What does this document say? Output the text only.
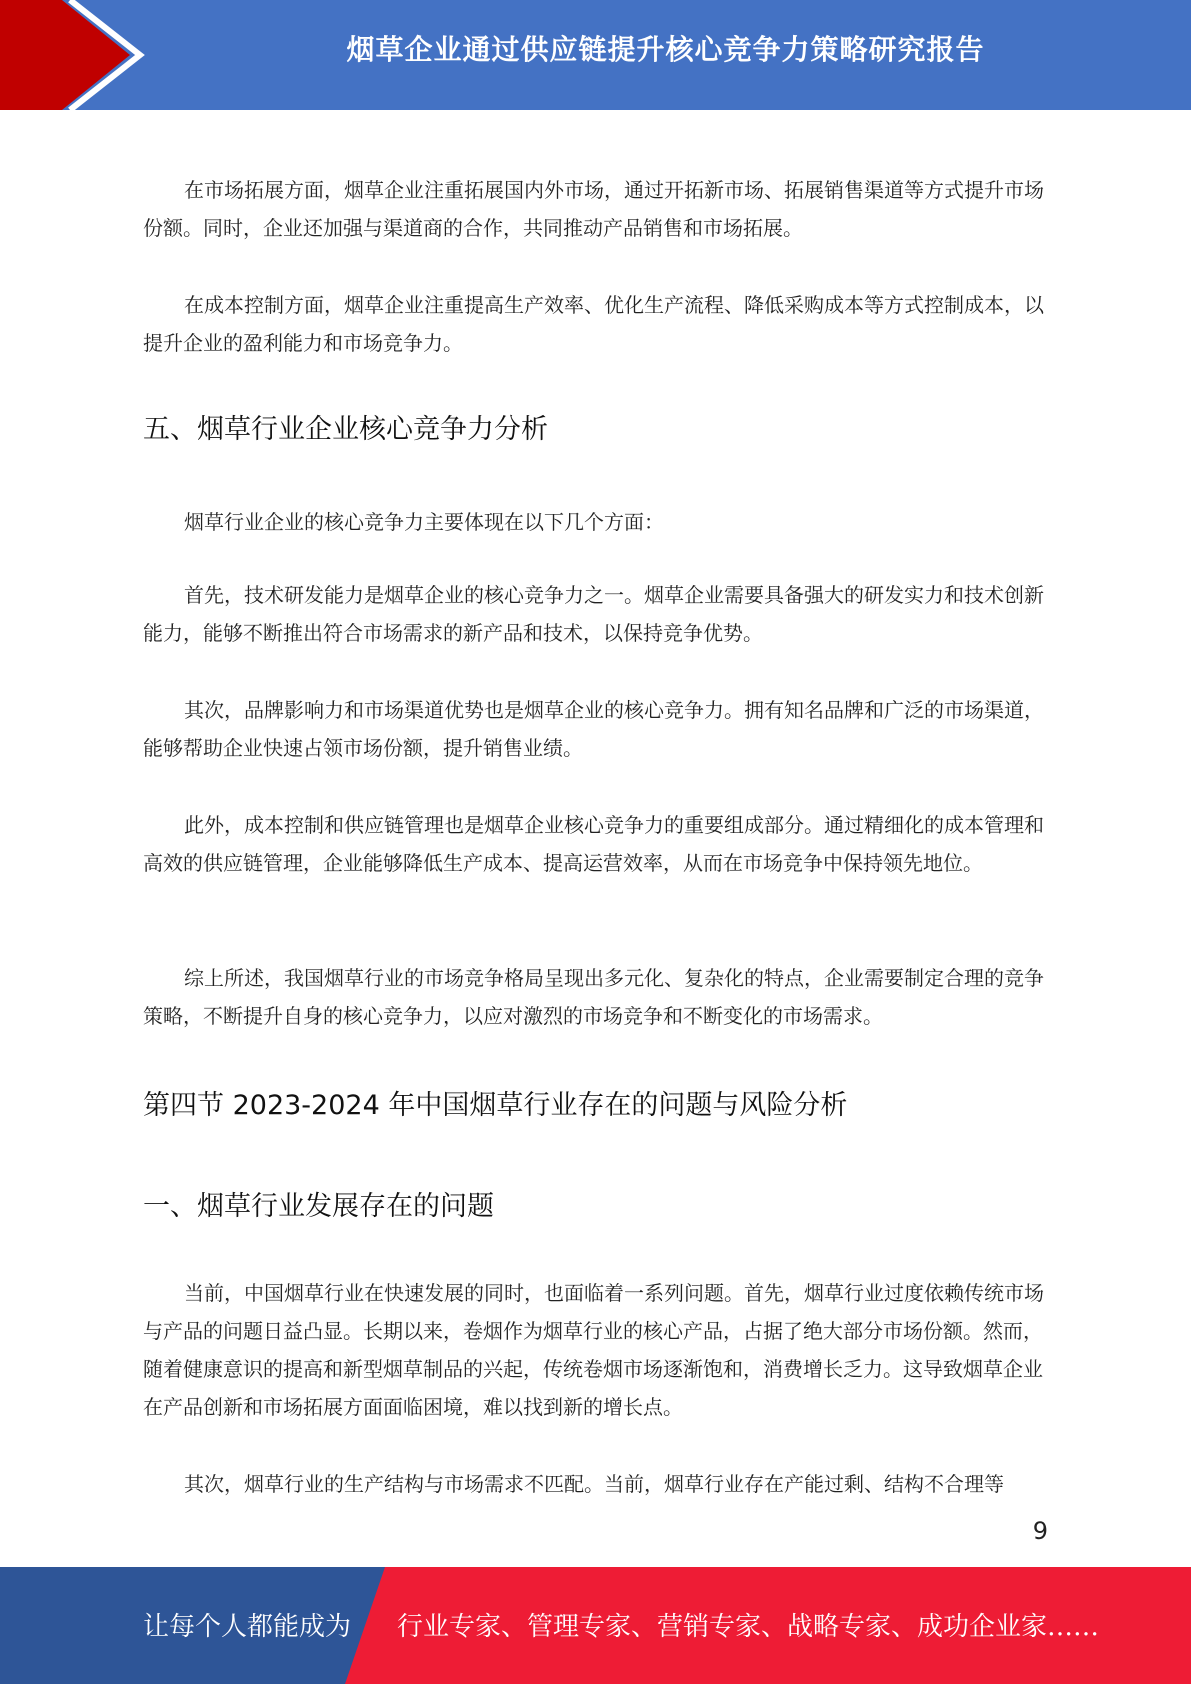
烟草企业通过供应链提升核心竞争力策略研究报告

在市场拓展方面，烟草企业注重拓展国内外市场，通过开拓新市场、拓展销售渠道等方式提升市场份额。同时，企业还加强与渠道商的合作，共同推动产品销售和市场拓展。

在成本控制方面，烟草企业注重提高生产效率、优化生产流程、降低采购成本等方式控制成本，以提升企业的盈利能力和市场竞争力。

五、烟草行业企业核心竞争力分析

烟草行业企业的核心竞争力主要体现在以下几个方面：

首先，技术研发能力是烟草企业的核心竞争力之一。烟草企业需要具备强大的研发实力和技术创新能力，能够不断推出符合市场需求的新产品和技术，以保持竞争优势。

其次，品牌影响力和市场渠道优势也是烟草企业的核心竞争力。拥有知名品牌和广泛的市场渠道，能够帮助企业快速占领市场份额，提升销售业绩。

此外，成本控制和供应链管理也是烟草企业核心竞争力的重要组成部分。通过精细化的成本管理和高效的供应链管理，企业能够降低生产成本、提高运营效率，从而在市场竞争中保持领先地位。

综上所述，我国烟草行业的市场竞争格局呈现出多元化、复杂化的特点，企业需要制定合理的竞争策略，不断提升自身的核心竞争力，以应对激烈的市场竞争和不断变化的市场需求。

第四节 2023-2024 年中国烟草行业存在的问题与风险分析
一、烟草行业发展存在的问题

当前，中国烟草行业在快速发展的同时，也面临着一系列问题。首先，烟草行业过度依赖传统市场与产品的问题日益凸显。长期以来，卷烟作为烟草行业的核心产品，占据了绝大部分市场份额。然而，随着健康意识的提高和新型烟草制品的兴起，传统卷烟市场逐渐饱和，消费增长乏力。这导致烟草企业在产品创新和市场拓展方面面临困境，难以找到新的增长点。

其次，烟草行业的生产结构与市场需求不匹配。当前，烟草行业存在产能过剩、结构不合理等

9
让每个人都能成为 行业专家、管理专家、营销专家、战略专家、成功企业家……
